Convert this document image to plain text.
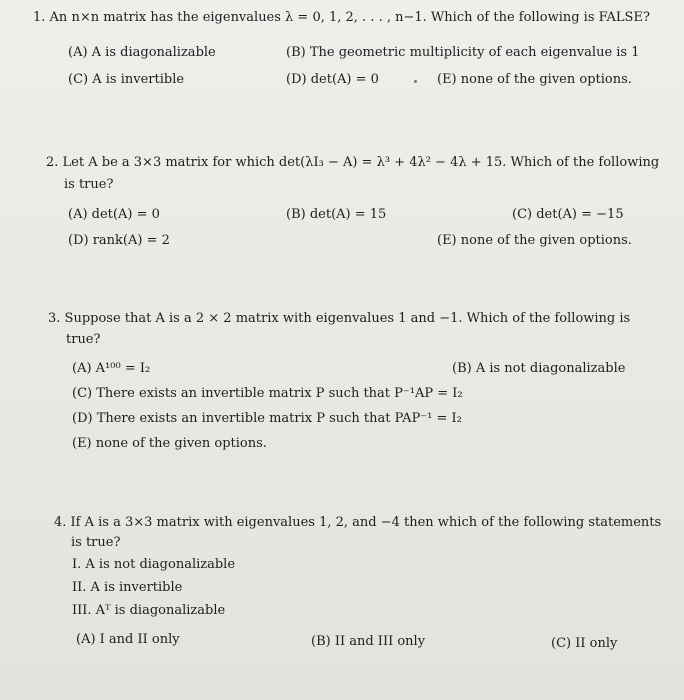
1. An n×n matrix has the eigenvalues λ = 0, 1, 2, . . . , n−1. Which of the following is FALSE?
(A) A is diagonalizable	(B) The geometric multiplicity of each eigenvalue is 1
(C) A is invertible	(D) det(A) = 0	(E) none of the given options.
2. Let A be a 3×3 matrix for which det(λI₃ − A) = λ³ + 4λ² − 4λ + 15. Which of the following
is true?
(A) det(A) = 0	(B) det(A) = 15	(C) det(A) = −15
(D) rank(A) = 2	(E) none of the given options.
3. Suppose that A is a 2 × 2 matrix with eigenvalues 1 and −1. Which of the following is
true?
(A) A¹⁰⁰ = I₂	(B) A is not diagonalizable
(C) There exists an invertible matrix P such that P⁻¹AP = I₂
(D) There exists an invertible matrix P such that PAP⁻¹ = I₂
(E) none of the given options.
4. If A is a 3×3 matrix with eigenvalues 1, 2, and −4 then which of the following statements
is true?
I. A is not diagonalizable
II. A is invertible
III. Aᵀ is diagonalizable
(A) I and II only	(B) II and III only	(C) II only
